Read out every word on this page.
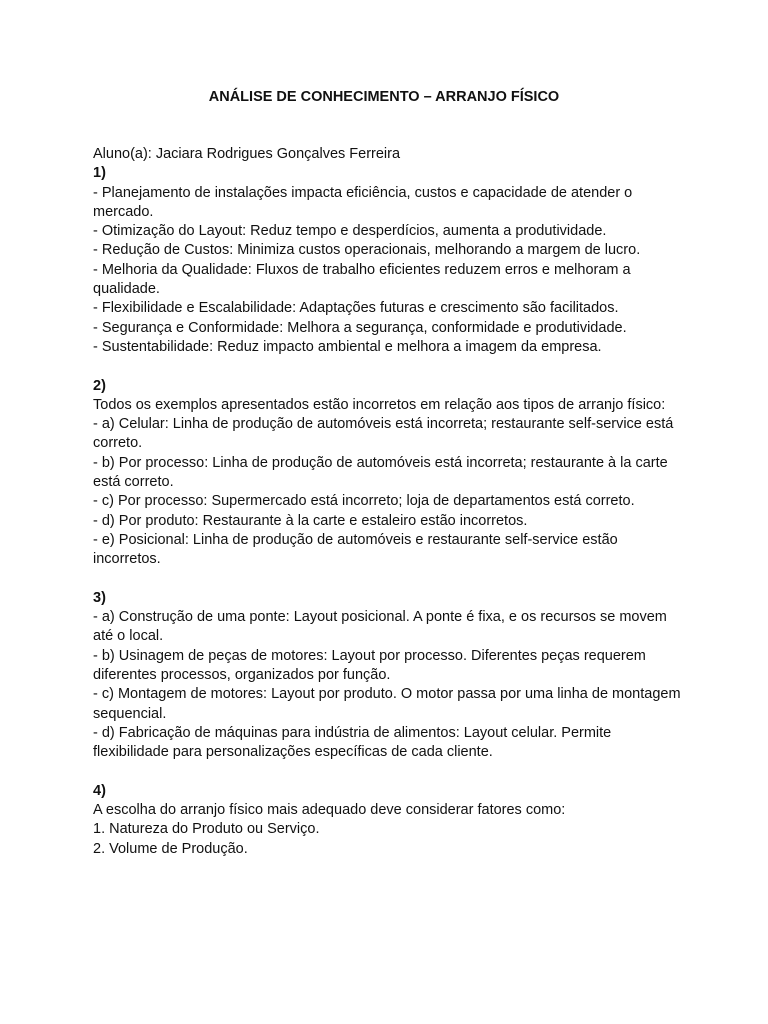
ANÁLISE DE CONHECIMENTO – ARRANJO FÍSICO

Aluno(a): Jaciara Rodrigues Gonçalves Ferreira

1)

- Planejamento de instalações impacta eficiência, custos e capacidade de atender o mercado.

- Otimização do Layout: Reduz tempo e desperdícios, aumenta a produtividade.

- Redução de Custos: Minimiza custos operacionais, melhorando a margem de lucro.

- Melhoria da Qualidade: Fluxos de trabalho eficientes reduzem erros e melhoram a qualidade.

- Flexibilidade e Escalabilidade: Adaptações futuras e crescimento são facilitados.

- Segurança e Conformidade: Melhora a segurança, conformidade e produtividade.

- Sustentabilidade: Reduz impacto ambiental e melhora a imagem da empresa.

2)

Todos os exemplos apresentados estão incorretos em relação aos tipos de arranjo físico:

- a) Celular: Linha de produção de automóveis está incorreta; restaurante self-service está correto.

- b) Por processo: Linha de produção de automóveis está incorreta; restaurante à la carte está correto.

- c) Por processo: Supermercado está incorreto; loja de departamentos está correto.

- d) Por produto: Restaurante à la carte e estaleiro estão incorretos.

- e) Posicional: Linha de produção de automóveis e restaurante self-service estão incorretos.

3)

- a) Construção de uma ponte: Layout posicional. A ponte é fixa, e os recursos se movem até o local.

- b) Usinagem de peças de motores: Layout por processo. Diferentes peças requerem diferentes processos, organizados por função.

- c) Montagem de motores: Layout por produto. O motor passa por uma linha de montagem sequencial.

- d) Fabricação de máquinas para indústria de alimentos: Layout celular. Permite flexibilidade para personalizações específicas de cada cliente.

4)

A escolha do arranjo físico mais adequado deve considerar fatores como:

1. Natureza do Produto ou Serviço.

2. Volume de Produção.
